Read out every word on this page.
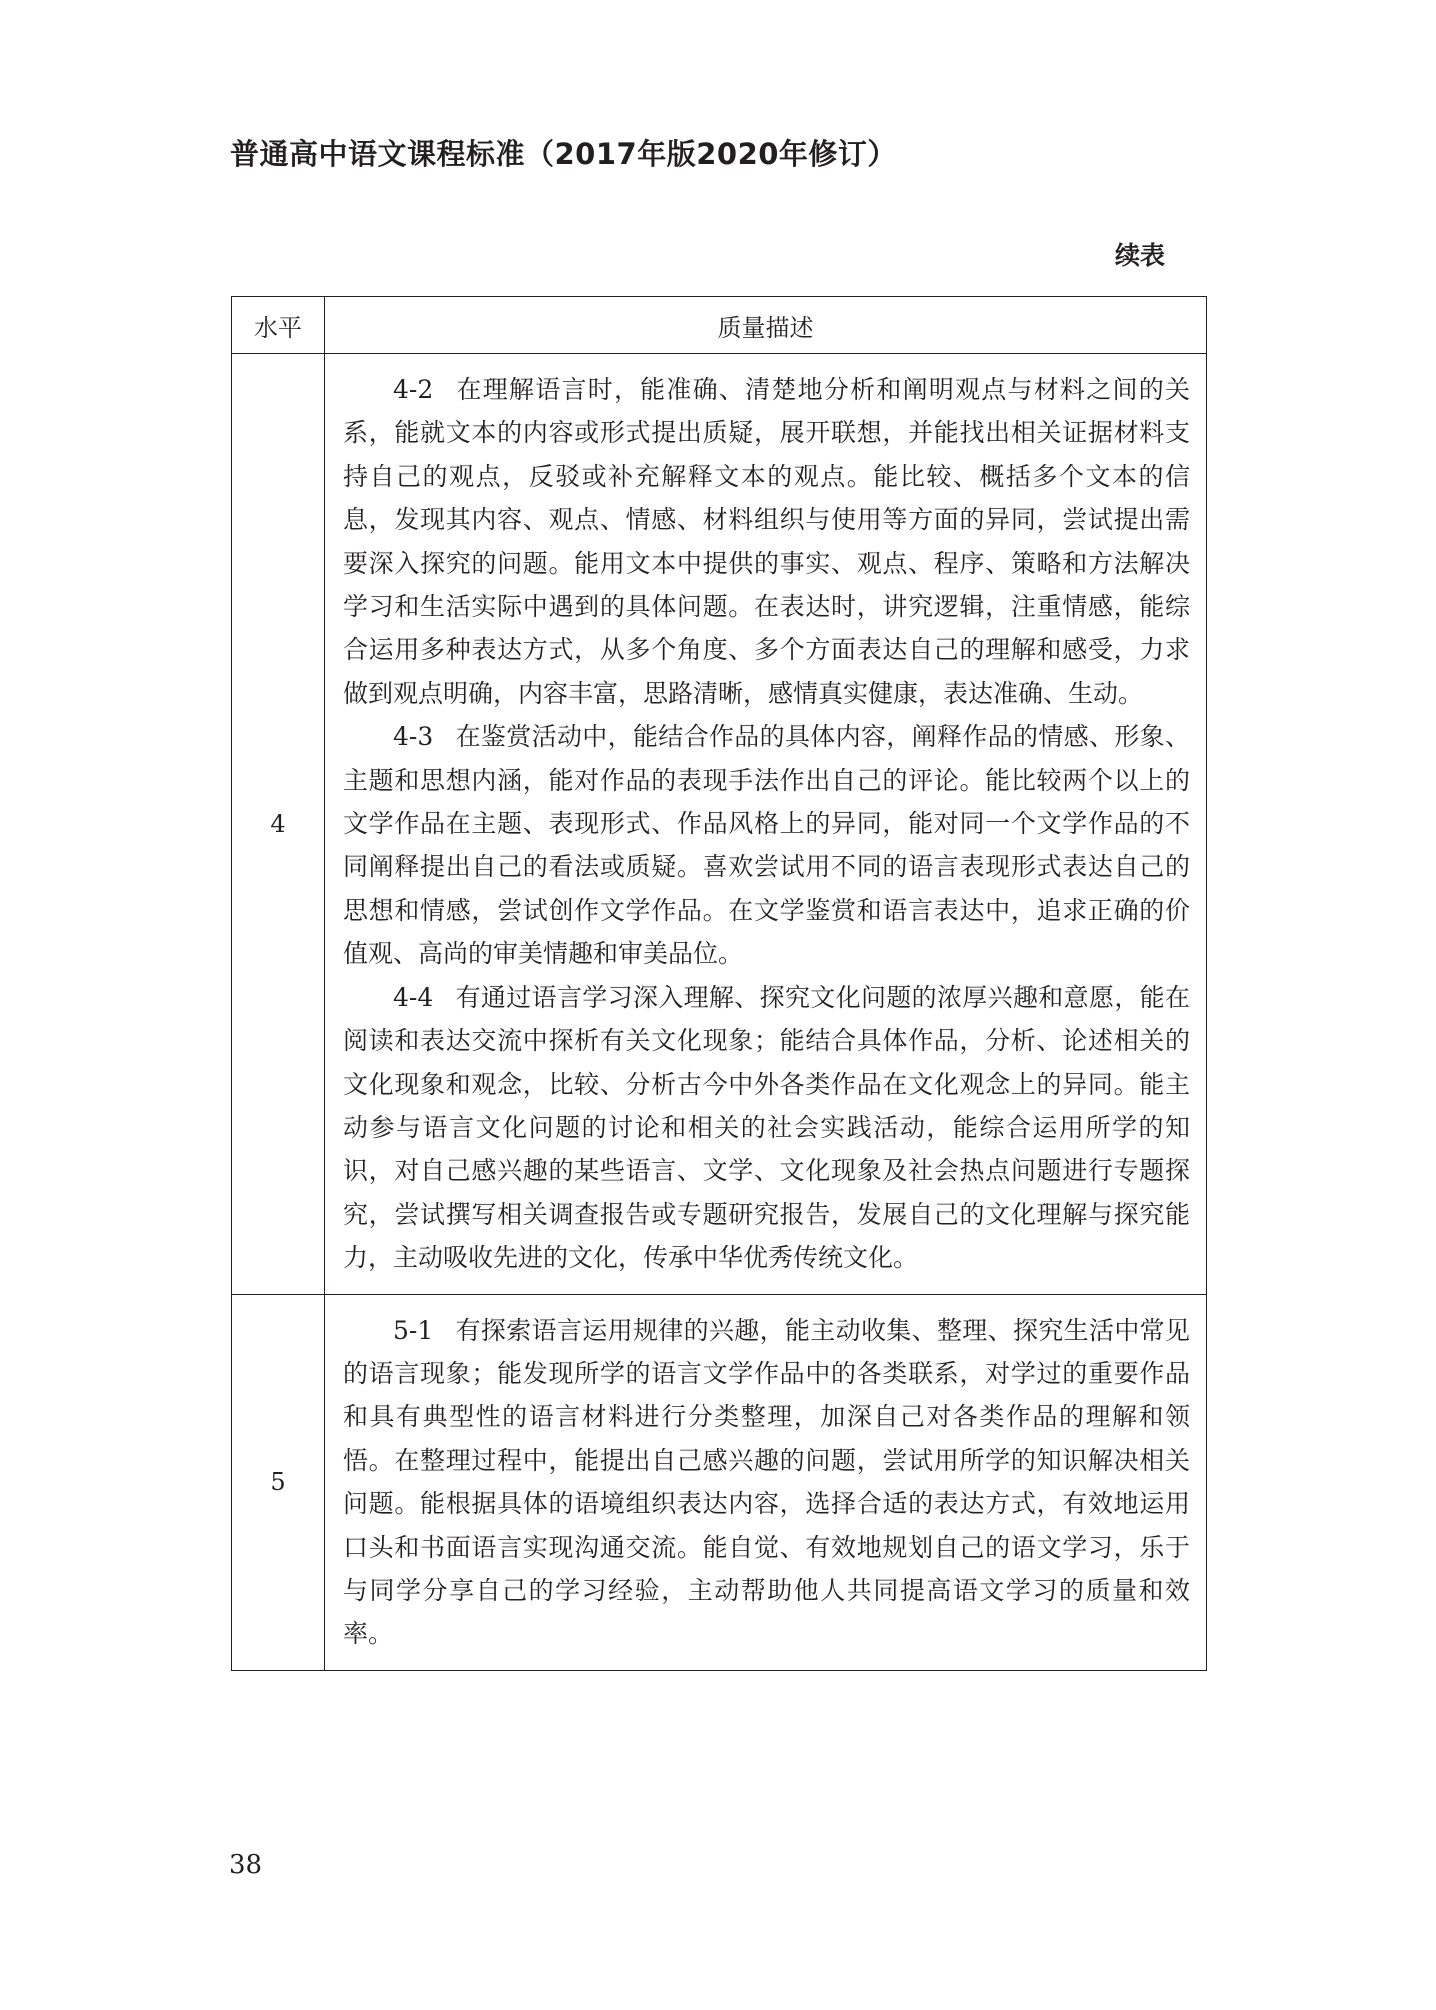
普通高中语文课程标准（2017年版2020年修订）
续表
水平	质量描述
4	4-2 在理解语言时，能准确、清楚地分析和阐明观点与材料之间的关系，能就文本的内容或形式提出质疑，展开联想，并能找出相关证据材料支持自己的观点，反驳或补充解释文本的观点。能比较、概括多个文本的信息，发现其内容、观点、情感、材料组织与使用等方面的异同，尝试提出需要深入探究的问题。能用文本中提供的事实、观点、程序、策略和方法解决学习和生活实际中遇到的具体问题。在表达时，讲究逻辑，注重情感，能综合运用多种表达方式，从多个角度、多个方面表达自己的理解和感受，力求做到观点明确，内容丰富，思路清晰，感情真实健康，表达准确、生动。

4-3 在鉴赏活动中，能结合作品的具体内容，阐释作品的情感、形象、主题和思想内涵，能对作品的表现手法作出自己的评论。能比较两个以上的文学作品在主题、表现形式、作品风格上的异同，能对同一个文学作品的不同阐释提出自己的看法或质疑。喜欢尝试用不同的语言表现形式表达自己的思想和情感，尝试创作文学作品。在文学鉴赏和语言表达中，追求正确的价值观、高尚的审美情趣和审美品位。

4-4 有通过语言学习深入理解、探究文化问题的浓厚兴趣和意愿，能在阅读和表达交流中探析有关文化现象；能结合具体作品，分析、论述相关的文化现象和观念，比较、分析古今中外各类作品在文化观念上的异同。能主动参与语言文化问题的讨论和相关的社会实践活动，能综合运用所学的知识，对自己感兴趣的某些语言、文学、文化现象及社会热点问题进行专题探究，尝试撰写相关调查报告或专题研究报告，发展自己的文化理解与探究能力，主动吸收先进的文化，传承中华优秀传统文化。

5	5-1 有探索语言运用规律的兴趣，能主动收集、整理、探究生活中常见的语言现象；能发现所学的语言文学作品中的各类联系，对学过的重要作品和具有典型性的语言材料进行分类整理，加深自己对各类作品的理解和领悟。在整理过程中，能提出自己感兴趣的问题，尝试用所学的知识解决相关问题。能根据具体的语境组织表达内容，选择合适的表达方式，有效地运用口头和书面语言实现沟通交流。能自觉、有效地规划自己的语文学习，乐于与同学分享自己的学习经验，主动帮助他人共同提高语文学习的质量和效率。

38
